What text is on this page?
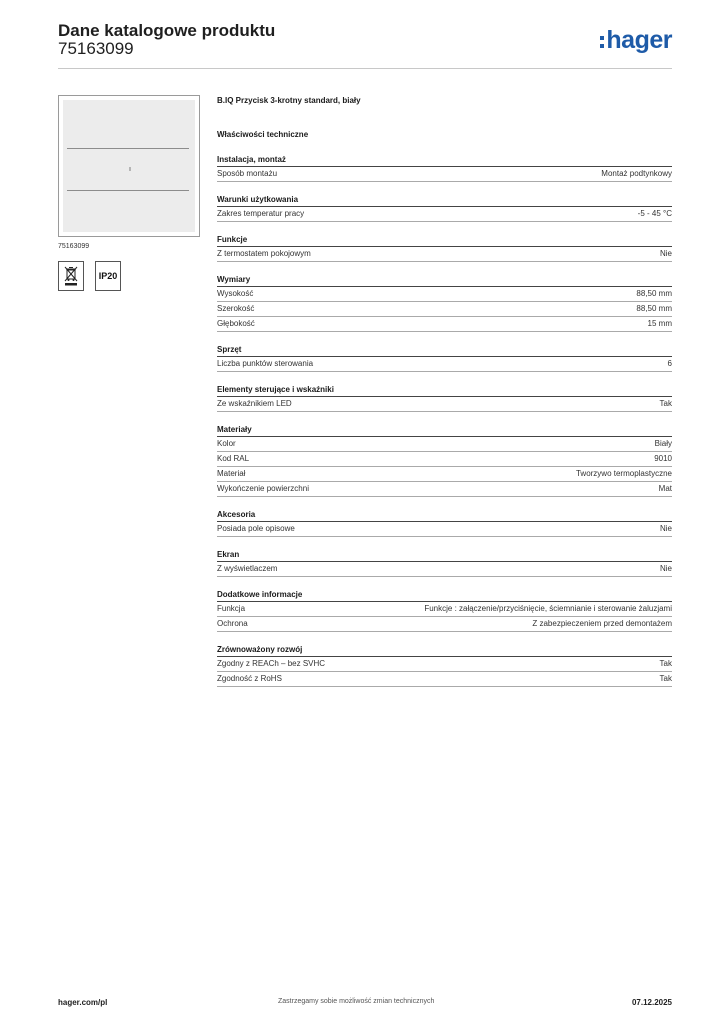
Dane katalogowe produktu
75163099	hager
75163099
IP20
B.IQ Przycisk 3-krotny standard, biały
Właściwości techniczne
Instalacja, montaż
Sposób montażu	Montaż podtynkowy
Warunki użytkowania
Zakres temperatur pracy	-5 - 45 °C
Funkcje
Z termostatem pokojowym	Nie
Wymiary
Wysokość	88,50 mm
Szerokość	88,50 mm
Głębokość	15 mm
Sprzęt
Liczba punktów sterowania	6
Elementy sterujące i wskaźniki
Ze wskaźnikiem LED	Tak
Materiały
Kolor	Biały
Kod RAL	9010
Materiał	Tworzywo termoplastyczne
Wykończenie powierzchni	Mat
Akcesoria
Posiada pole opisowe	Nie
Ekran
Z wyświetlaczem	Nie
Dodatkowe informacje
Funkcja	Funkcje : załączenie/przyciśnięcie, ściemnianie i sterowanie żaluzjami
Ochrona	Z zabezpieczeniem przed demontażem
Zrównoważony rozwój
Zgodny z REACh – bez SVHC	Tak
Zgodność z RoHS	Tak
hager.com/pl	Zastrzegamy sobie możliwość zmian technicznych	07.12.2025
